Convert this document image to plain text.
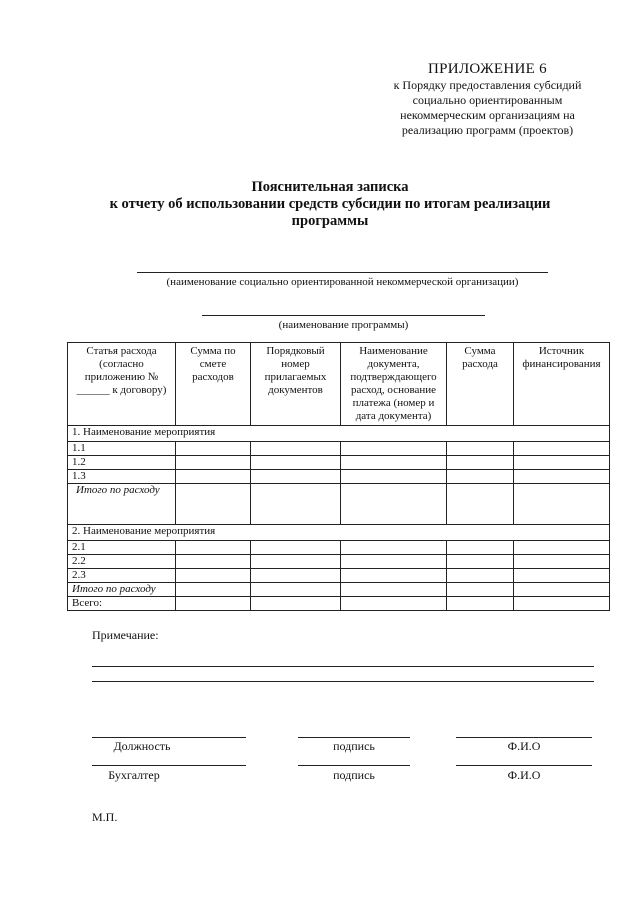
ПРИЛОЖЕНИЕ 6
к Порядку предоставления субсидий
социально ориентированным
некоммерческим организациям на
реализацию программ (проектов)
Пояснительная записка
к отчету об использовании средств субсидии по итогам реализации
программы
(наименование социально ориентированной некоммерческой организации)
(наименование программы)
Статья расхода (согласно приложению № ______ к договору)	Сумма по смете расходов	Порядковый номер прилагаемых документов	Наименование документа, подтверждающего расход, основание платежа (номер и дата документа)	Сумма расхода	Источник финансирования
1. Наименование мероприятия					
1.1					
1.2					
1.3					
Итого по расходу					
2. Наименование мероприятия					
2.1					
2.2					
2.3					
Итого по расходу					
Всего:					
Примечание:
Должность	подпись	Ф.И.О
Бухгалтер	подпись	Ф.И.О
М.П.
